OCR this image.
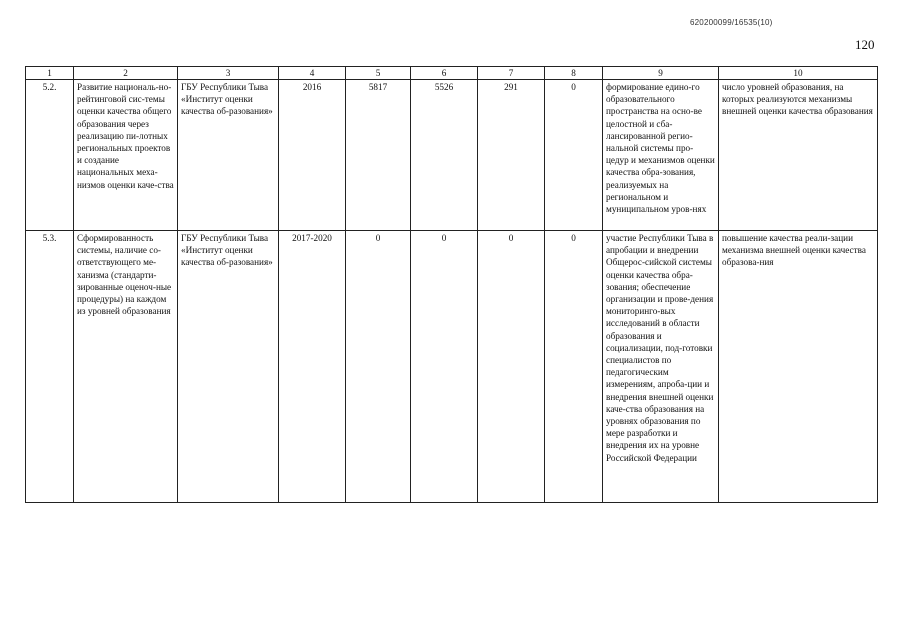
620200099/16535(10)
120
1	2	3	4	5	6	7	8	9	10
5.2.	Развитие националь-но-рейтинговой сис-темы оценки качества общего образования через реализацию пи-лотных региональных проектов и создание национальных меха-низмов оценки каче-ства	ГБУ Республики Тыва «Институт оценки качества об-разования»	2016	5817	5526	291	0	формирование едино-го образовательного пространства на осно-ве целостной и сба-лансированной регио-нальной системы про-цедур и механизмов оценки качества обра-зования, реализуемых на региональном и муниципальном уров-нях	число уровней образования, на которых реализуются механизмы внешней оценки качества образования
5.3.	Сформированность системы, наличие со-ответствующего ме-ханизма (стандарти-зированные оценоч-ные процедуры) на каждом из уровней образования	ГБУ Республики Тыва «Институт оценки качества об-разования»	2017-2020	0	0	0	0	участие Республики Тыва в апробации и внедрении Общерос-сийской системы оценки качества обра-зования; обеспечение организации и прове-дения мониторинго-вых исследований в области образования и социализации, под-готовки специалистов по педагогическим измерениям, апроба-ции и внедрения внешней оценки каче-ства образования на уровнях образования по мере разработки и внедрения их на уровне Российской Федерации	повышение качества реали-зации механизма внешней оценки качества образова-ния
